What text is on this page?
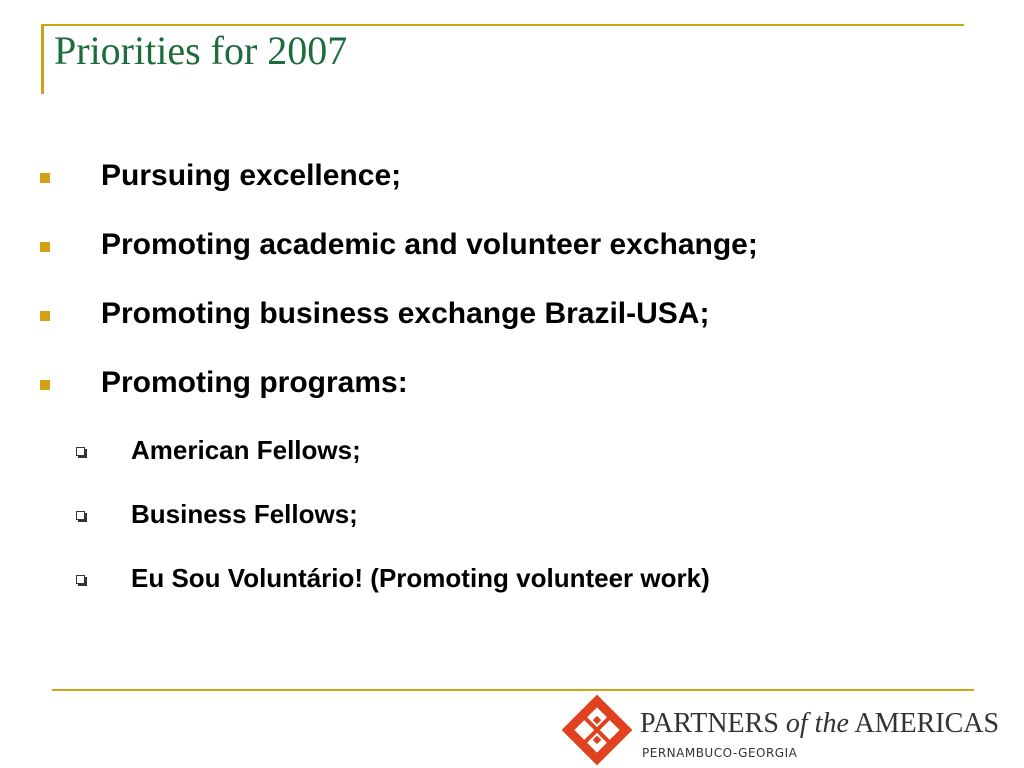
Priorities for 2007
Pursuing excellence;
Promoting academic and volunteer exchange;
Promoting business exchange Brazil-USA;
Promoting programs:
American Fellows;
Business Fellows;
Eu Sou Voluntário! (Promoting volunteer work)
PARTNERS of the AMERICAS
PERNAMBUCO-GEORGIA
